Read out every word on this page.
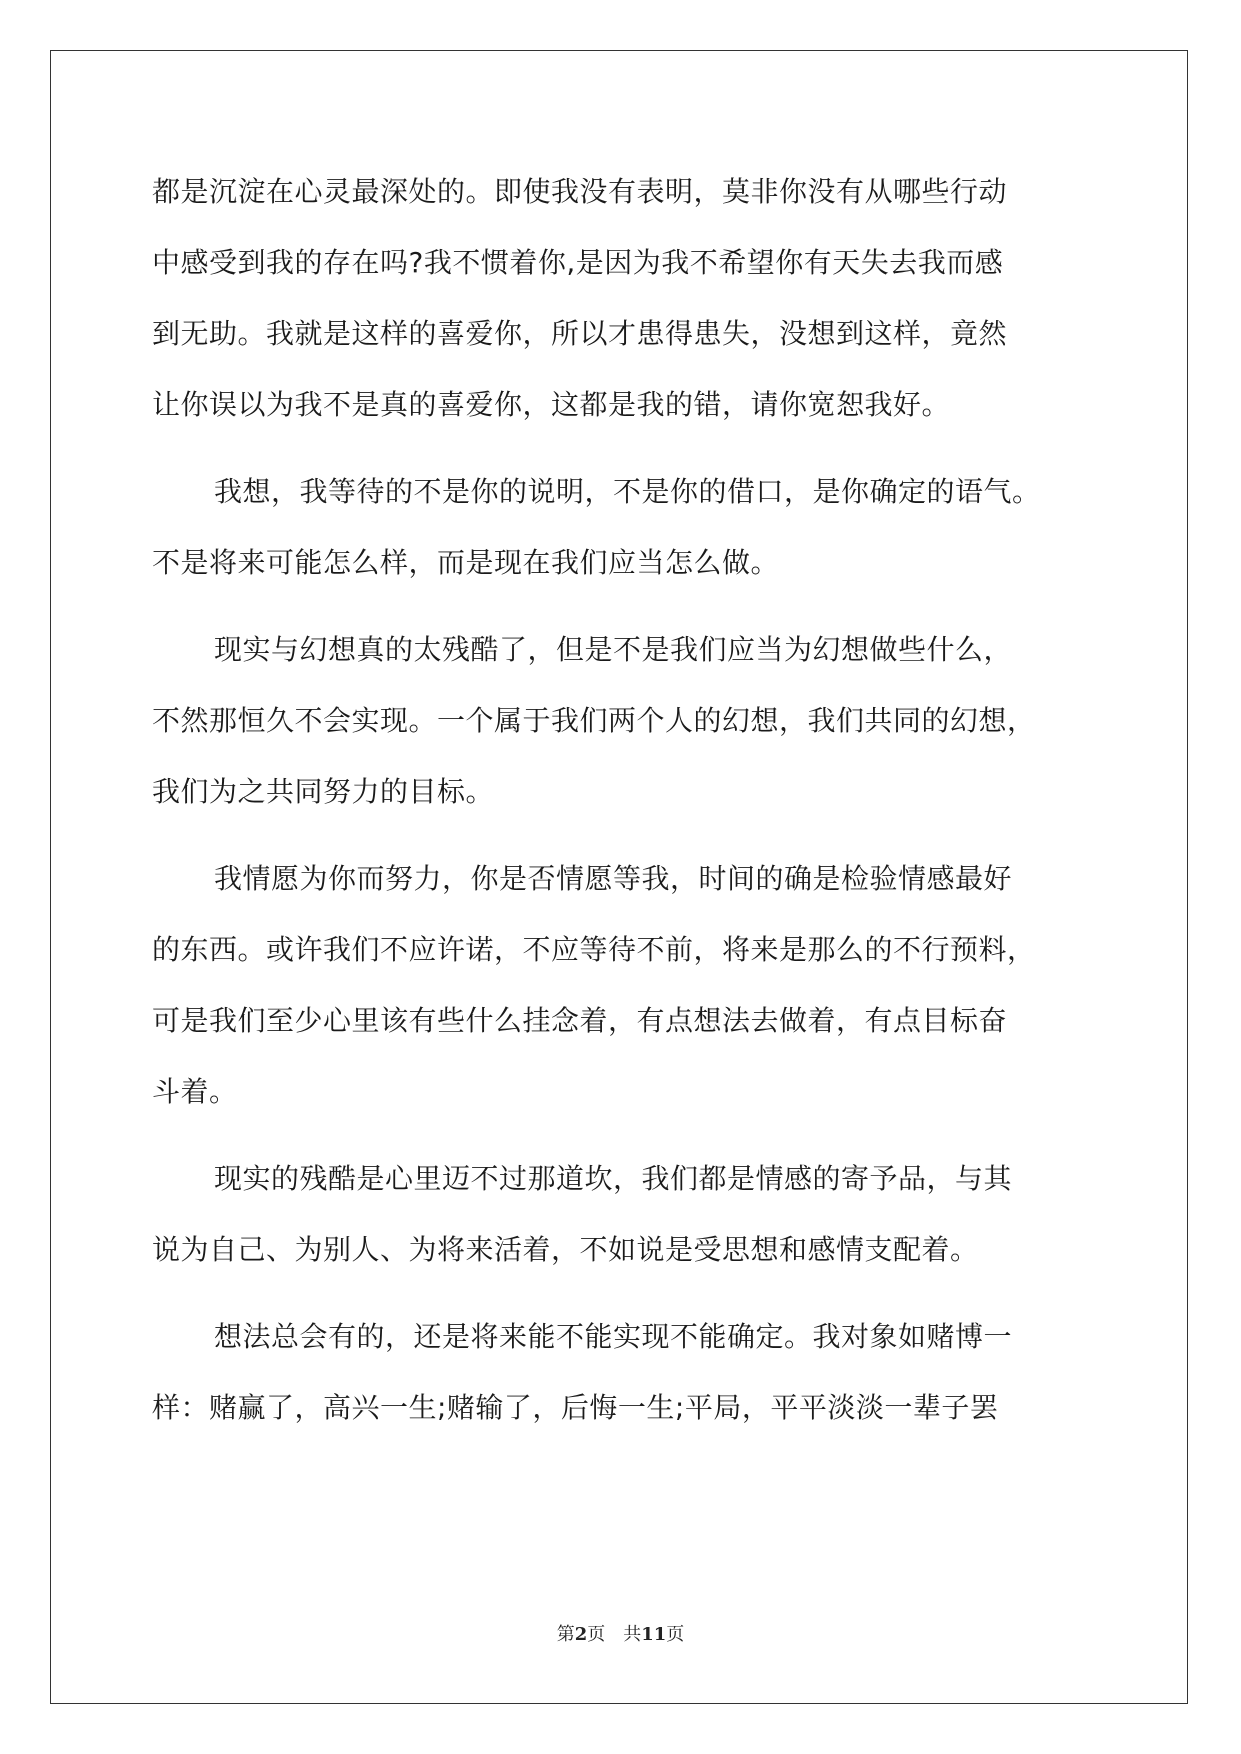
都是沉淀在心灵最深处的。即使我没有表明，莫非你没有从哪些行动
中感受到我的存在吗?我不惯着你,是因为我不希望你有天失去我而感
到无助。我就是这样的喜爱你，所以才患得患失，没想到这样，竟然
让你误以为我不是真的喜爱你，这都是我的错，请你宽恕我好。
我想，我等待的不是你的说明，不是你的借口，是你确定的语气。
不是将来可能怎么样，而是现在我们应当怎么做。
现实与幻想真的太残酷了，但是不是我们应当为幻想做些什么，
不然那恒久不会实现。一个属于我们两个人的幻想，我们共同的幻想，
我们为之共同努力的目标。
我情愿为你而努力，你是否情愿等我，时间的确是检验情感最好
的东西。或许我们不应许诺，不应等待不前，将来是那么的不行预料，
可是我们至少心里该有些什么挂念着，有点想法去做着，有点目标奋
斗着。
现实的残酷是心里迈不过那道坎，我们都是情感的寄予品，与其
说为自己、为别人、为将来活着，不如说是受思想和感情支配着。
想法总会有的，还是将来能不能实现不能确定。我对象如赌博一
样：赌赢了，高兴一生;赌输了，后悔一生;平局，平平淡淡一辈子罢
第2页 共11页
